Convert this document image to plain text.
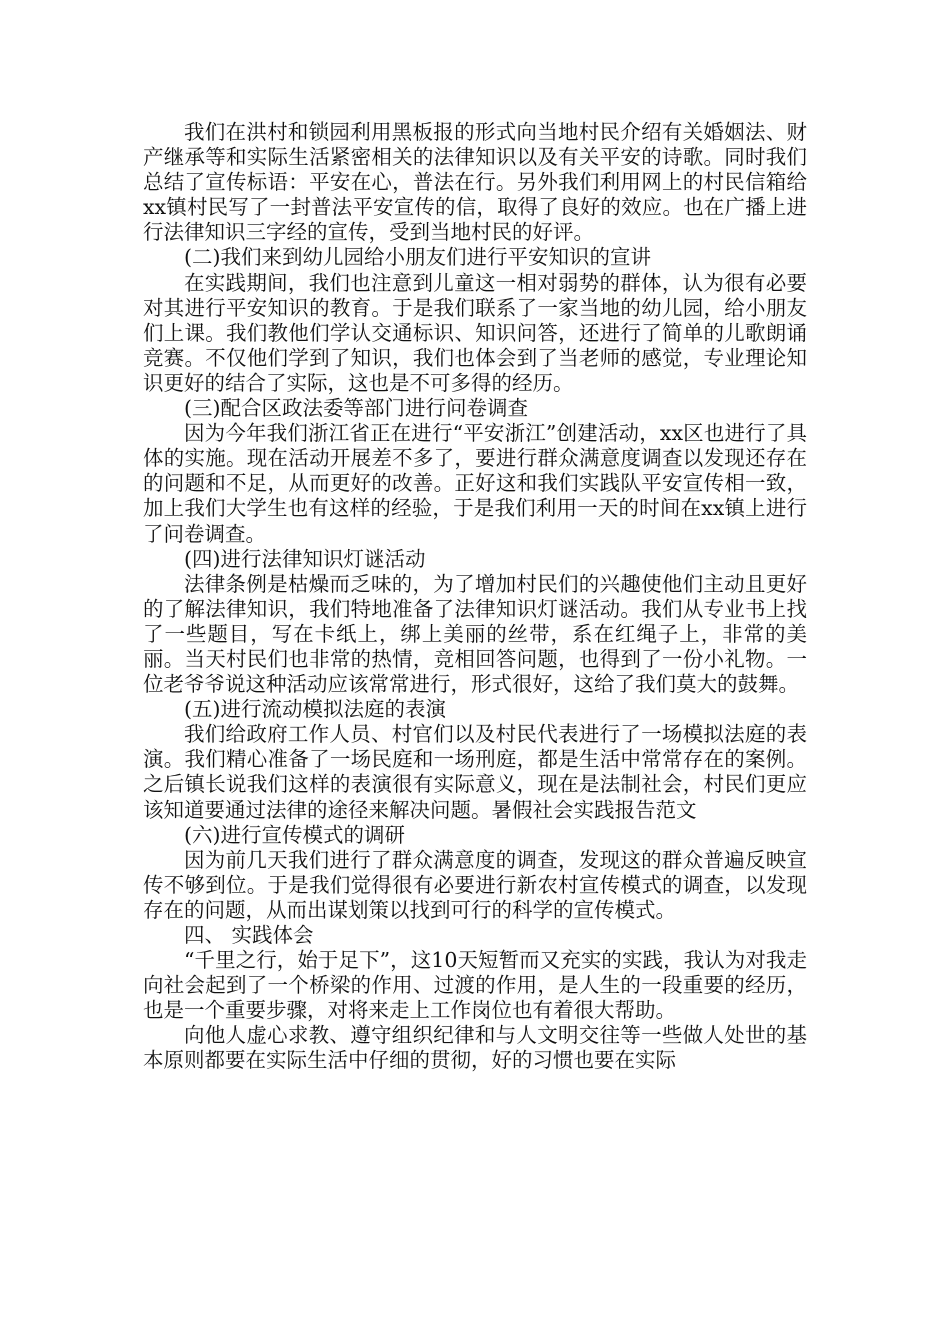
我们在洪村和锁园利用黑板报的形式向当地村民介绍有关婚姻法、财产继承等和实际生活紧密相关的法律知识以及有关平安的诗歌。同时我们总结了宣传标语：平安在心，普法在行。另外我们利用网上的村民信箱给xx镇村民写了一封普法平安宣传的信，取得了良好的效应。也在广播上进行法律知识三字经的宣传，受到当地村民的好评。

(二)我们来到幼儿园给小朋友们进行平安知识的宣讲

在实践期间，我们也注意到儿童这一相对弱势的群体，认为很有必要对其进行平安知识的教育。于是我们联系了一家当地的幼儿园，给小朋友们上课。我们教他们学认交通标识、知识问答，还进行了简单的儿歌朗诵竞赛。不仅他们学到了知识，我们也体会到了当老师的感觉，专业理论知识更好的结合了实际，这也是不可多得的经历。

(三)配合区政法委等部门进行问卷调查

因为今年我们浙江省正在进行“平安浙江”创建活动，xx区也进行了具体的实施。现在活动开展差不多了，要进行群众满意度调查以发现还存在的问题和不足，从而更好的改善。正好这和我们实践队平安宣传相一致，加上我们大学生也有这样的经验，于是我们利用一天的时间在xx镇上进行了问卷调查。

(四)进行法律知识灯谜活动

法律条例是枯燥而乏味的，为了增加村民们的兴趣使他们主动且更好的了解法律知识，我们特地准备了法律知识灯谜活动。我们从专业书上找了一些题目，写在卡纸上，绑上美丽的丝带，系在红绳子上，非常的美丽。当天村民们也非常的热情，竞相回答问题，也得到了一份小礼物。一位老爷爷说这种活动应该常常进行，形式很好，这给了我们莫大的鼓舞。

(五)进行流动模拟法庭的表演

我们给政府工作人员、村官们以及村民代表进行了一场模拟法庭的表演。我们精心准备了一场民庭和一场刑庭，都是生活中常常存在的案例。之后镇长说我们这样的表演很有实际意义，现在是法制社会，村民们更应该知道要通过法律的途径来解决问题。暑假社会实践报告范文

(六)进行宣传模式的调研

因为前几天我们进行了群众满意度的调查，发现这的群众普遍反映宣传不够到位。于是我们觉得很有必要进行新农村宣传模式的调查，以发现存在的问题，从而出谋划策以找到可行的科学的宣传模式。

四、 实践体会

“千里之行，始于足下”，这10天短暂而又充实的实践，我认为对我走向社会起到了一个桥梁的作用、过渡的作用，是人生的一段重要的经历，也是一个重要步骤，对将来走上工作岗位也有着很大帮助。

向他人虚心求教、遵守组织纪律和与人文明交往等一些做人处世的基本原则都要在实际生活中仔细的贯彻，好的习惯也要在实际
